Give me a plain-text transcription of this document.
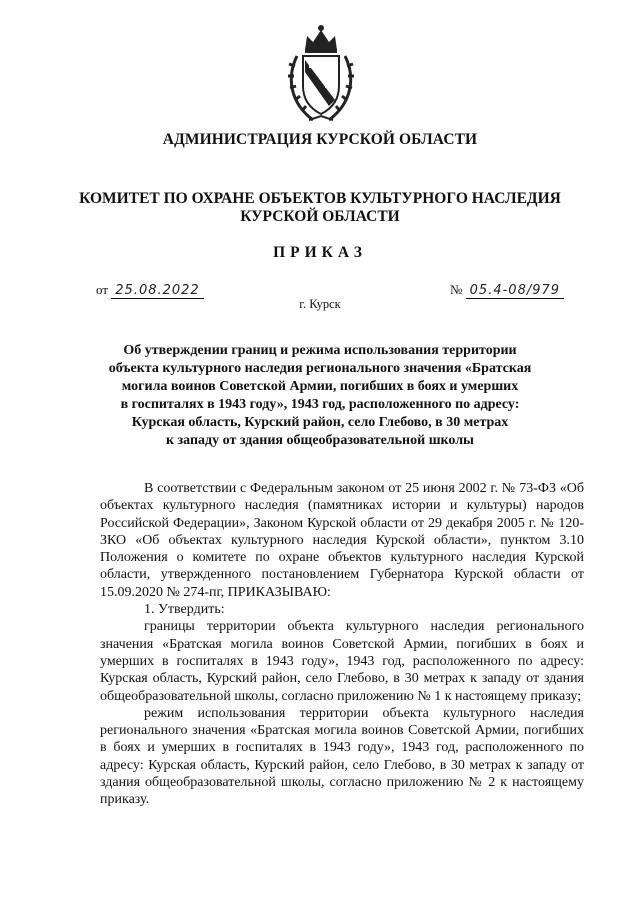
АДМИНИСТРАЦИЯ КУРСКОЙ ОБЛАСТИ
КОМИТЕТ ПО ОХРАНЕ ОБЪЕКТОВ КУЛЬТУРНОГО НАСЛЕДИЯ
КУРСКОЙ ОБЛАСТИ
ПРИКАЗ
от 25.08.2022	№ 05.4-08/979
г. Курск
Об утверждении границ и режима использования территории
объекта культурного наследия регионального значения «Братская
могила воинов Советской Армии, погибших в боях и умерших
в госпиталях в 1943 году», 1943 год, расположенного по адресу:
Курская область, Курский район, село Глебово, в 30 метрах
к западу от здания общеобразовательной школы

В соответствии с Федеральным законом от 25 июня 2002 г. № 73-ФЗ «Об объектах культурного наследия (памятниках истории и культуры) народов Российской Федерации», Законом Курской области от 29 декабря 2005 г. № 120-ЗКО «Об объектах культурного наследия Курской области», пунктом 3.10 Положения о комитете по охране объектов культурного наследия Курской области, утвержденного постановлением Губернатора Курской области от 15.09.2020 № 274-пг, ПРИКАЗЫВАЮ:

1. Утвердить:

границы территории объекта культурного наследия регионального значения «Братская могила воинов Советской Армии, погибших в боях и умерших в госпиталях в 1943 году», 1943 год, расположенного по адресу: Курская область, Курский район, село Глебово, в 30 метрах к западу от здания общеобразовательной школы, согласно приложению № 1 к настоящему приказу;

режим использования территории объекта культурного наследия регионального значения «Братская могила воинов Советской Армии, погибших в боях и умерших в госпиталях в 1943 году», 1943 год, расположенного по адресу: Курская область, Курский район, село Глебово, в 30 метрах к западу от здания общеобразовательной школы, согласно приложению № 2 к настоящему приказу.
